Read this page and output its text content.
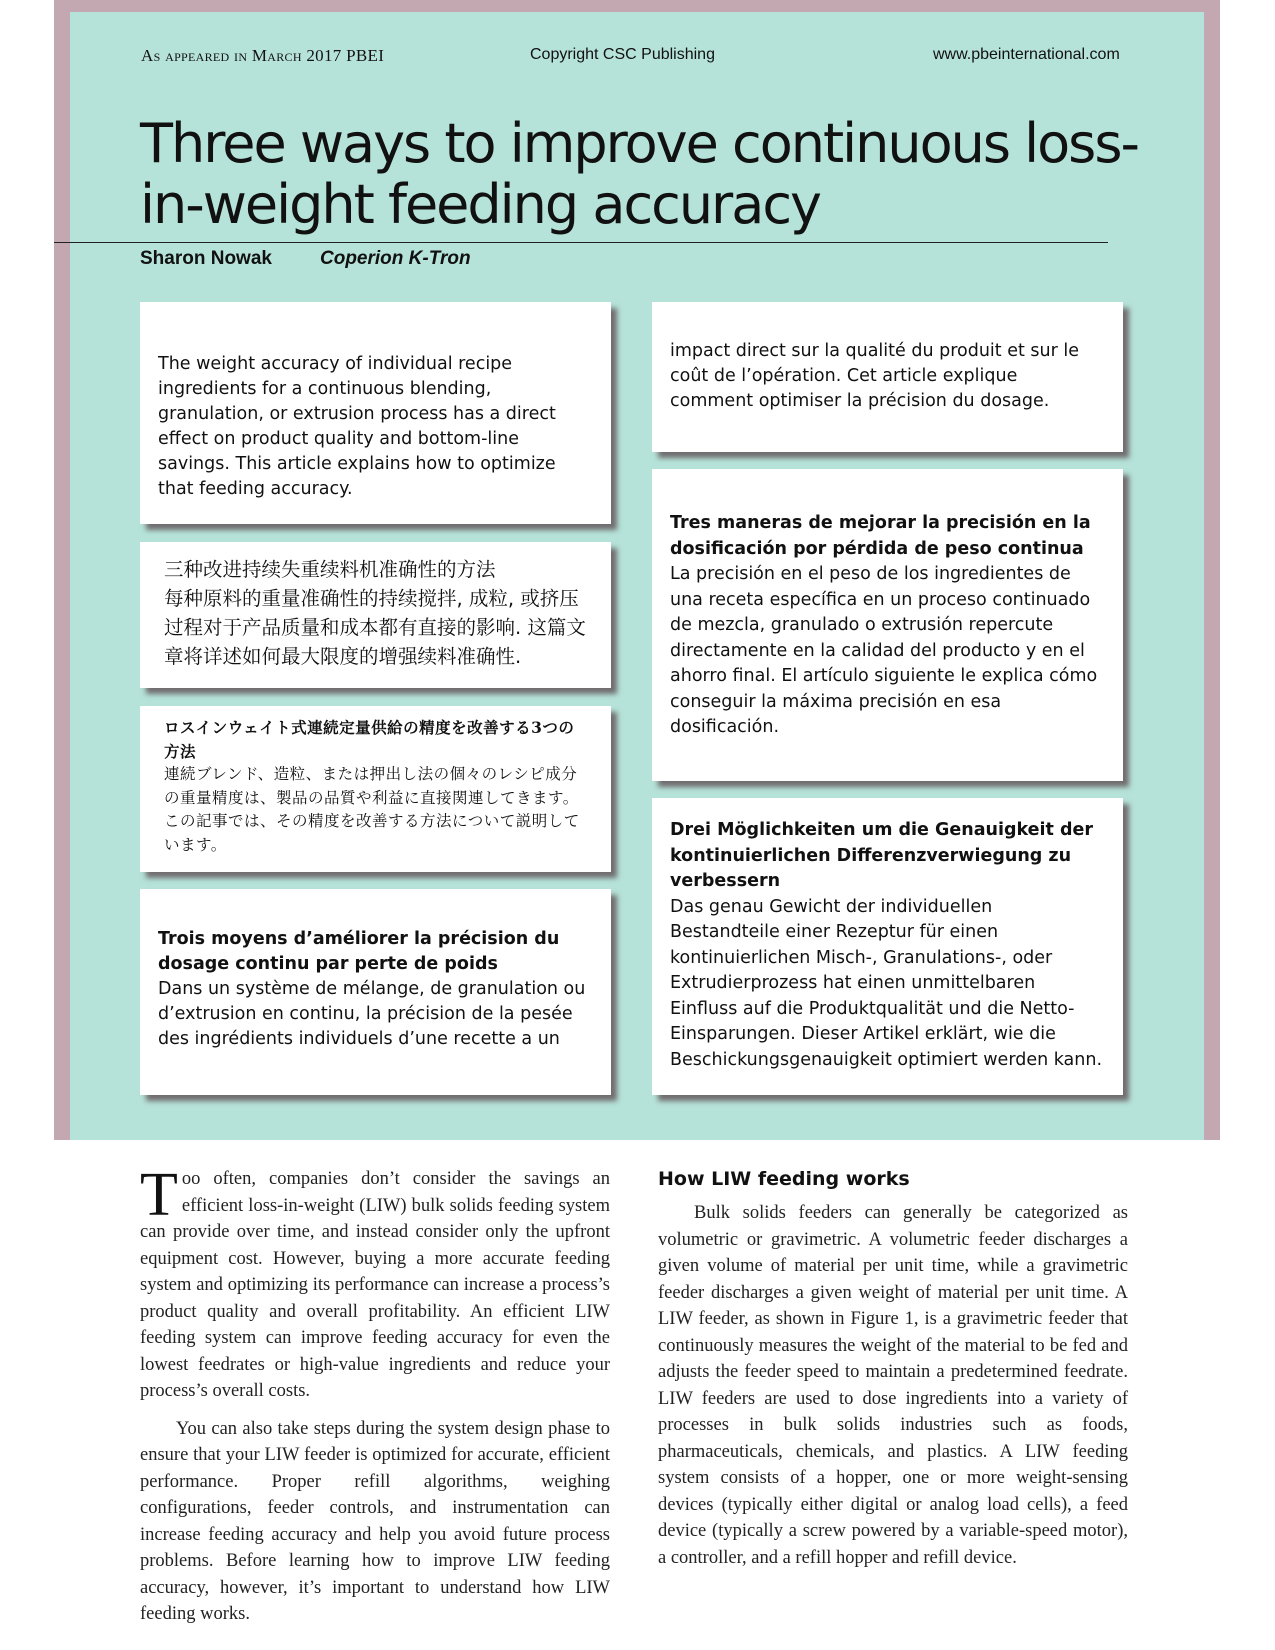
As appeared in March 2017 PBEI	Copyright CSC Publishing	www.pbeinternational.com
Three ways to improve continuous loss-in-weight feeding accuracy
Sharon Nowak	Coperion K-Tron

The weight accuracy of individual recipe ingredients for a continuous blending, granulation, or extrusion process has a direct effect on product quality and bottom-line savings. This article explains how to optimize that feeding accuracy.

三种改进持续失重续料机准确性的方法

每种原料的重量准确性的持续搅拌, 成粒, 或挤压过程对于产品质量和成本都有直接的影响. 这篇文章将详述如何最大限度的增强续料准确性.

ロスインウェイト式連続定量供給の精度を改善する3つの方法

連続ブレンド、造粒、または押出し法の個々のレシピ成分の重量精度は、製品の品質や利益に直接関連してきます。この記事では、その精度を改善する方法について説明しています。

Trois moyens d’améliorer la précision du dosage continu par perte de poids

Dans un système de mélange, de granulation ou d’extrusion en continu, la précision de la pesée des ingrédients individuels d’une recette a un

impact direct sur la qualité du produit et sur le coût de l’opération. Cet article explique comment optimiser la précision du dosage.

Tres maneras de mejorar la precisión en la dosificación por pérdida de peso continua

La precisión en el peso de los ingredientes de una receta específica en un proceso continuado de mezcla, granulado o extrusión repercute directamente en la calidad del producto y en el ahorro final. El artículo siguiente le explica cómo conseguir la máxima precisión en esa dosificación.

Drei Möglichkeiten um die Genauigkeit der kontinuierlichen Differenzverwiegung zu verbessern

Das genau Gewicht der individuellen Bestandteile einer Rezeptur für einen kontinuierlichen Misch-, Granulations-, oder Extrudierprozess hat einen unmittelbaren Einfluss auf die Produktqualität und die Netto-Einsparungen. Dieser Artikel erklärt, wie die Beschickungsgenauigkeit optimiert werden kann.

Too often, companies don’t consider the savings an efficient loss-in-weight (LIW) bulk solids feeding system can provide over time, and instead consider only the upfront equipment cost. However, buying a more accurate feeding system and optimizing its performance can increase a process’s product quality and overall profitability. An efficient LIW feeding system can improve feeding accuracy for even the lowest feedrates or high-value ingredients and reduce your process’s overall costs.

You can also take steps during the system design phase to ensure that your LIW feeder is optimized for accurate, efficient performance. Proper refill algorithms, weighing configurations, feeder controls, and instrumentation can increase feeding accuracy and help you avoid future process problems. Before learning how to improve LIW feeding accuracy, however, it’s important to understand how LIW feeding works.

How LIW feeding works

Bulk solids feeders can generally be categorized as volumetric or gravimetric. A volumetric feeder discharges a given volume of material per unit time, while a gravimetric feeder discharges a given weight of material per unit time. A LIW feeder, as shown in Figure 1, is a gravimetric feeder that continuously measures the weight of the material to be fed and adjusts the feeder speed to maintain a predetermined feedrate. LIW feeders are used to dose ingredients into a variety of processes in bulk solids industries such as foods, pharmaceuticals, chemicals, and plastics. A LIW feeding system consists of a hopper, one or more weight-sensing devices (typically either digital or analog load cells), a feed device (typically a screw powered by a variable-speed motor), a controller, and a refill hopper and refill device.
